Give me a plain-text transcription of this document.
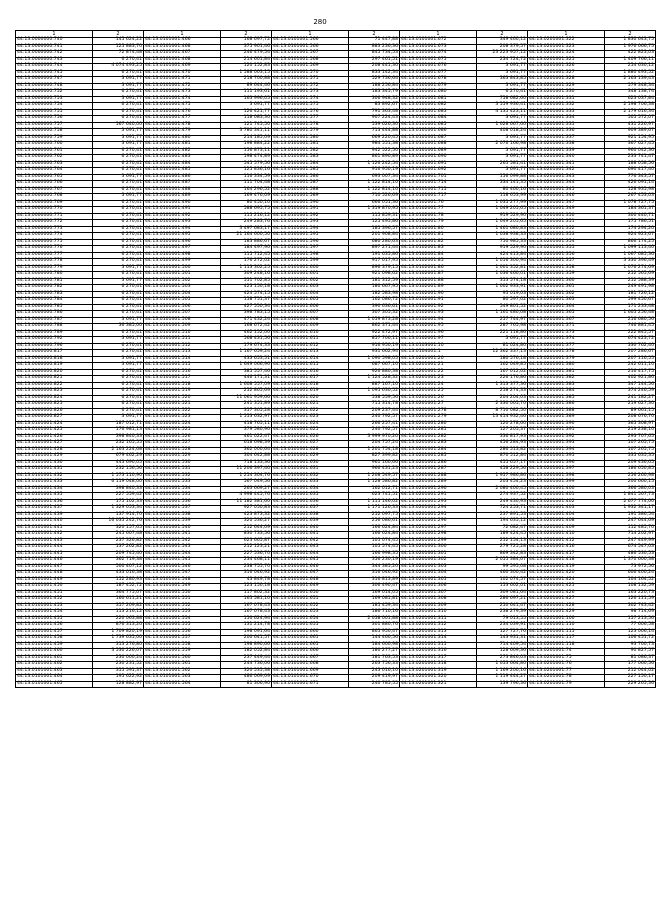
280
1	2	1	2	1	2	1	2	1	2
44:13:0000000:740	145 624,22	44:13:0101001:466	168 697,72	44:13:0101001:566	71 447,88	44:13:0101001:672	349 460,12	44:13:0201001:322	1 830 643,75
44:13:0000000:741	125 883,70	44:13:0101001:468	375 901,46	44:13:0101001:566	883 236,36	44:13:0101001:673	208 379,57	44:13:0201001:323	1 976 066,75
44:13:0000000:742	72 874,48	44:13:0101001:467	246 479,54	44:13:0101001:567	845 734,53	44:13:0101001:674	23 223 957,12	44:13:0201001:324	422 823,03
44:13:0000000:743	6 270,41	44:13:0101001:468	214 601,84	44:13:0101001:568	297 461,51	44:13:0101001:675	234 724,72	44:13:0201001:325	1 409 766,11
44:13:0000000:744	4 074 493,25	44:13:0101001:469	120 152,83	44:13:0101001:569	208 441,30	44:13:0101001:676	3 691,77	44:13:0201001:326	254 630,12
44:13:0000000:745	6 270,41	44:13:0101001:470	1 588 003,15	44:13:0101001:570	833 142,34	44:13:0101001:677	3 691,77	44:13:0201001:327	1 880 493,52
44:13:0000000:747	3 691,77	44:13:0101001:471	218 700,88	44:13:0101001:571	529 736,64	44:13:0101001:678	363 843,85	44:13:0201001:328	2 163 139,43
44:13:0000000:748	3 691,77	44:13:0101001:472	89 644,46	44:13:0101001:572	188 256,84	44:13:0101001:679	3 691,77	44:13:0201001:329	579 348,34
44:13:0000000:752	6 270,41	44:13:0101001:473	111 193,61	44:13:0101001:573	183 345,79	44:13:0101001:680	6 270,41	44:13:0201001:330	348 138,74
44:13:0000000:753	3 691,77	44:13:0101001:474	163 996,05	44:13:0101001:574	306 948,32	44:13:0101001:681	758 682,60	44:13:0201001:331	623 037,84
44:13:0000000:754	6 270,41	44:13:0101001:475	3 691,77	44:13:0101001:575	83 892,67	44:13:0101001:682	3 559 936,41	44:13:0201001:332	2 198 706,38
44:13:0000000:755	6 270,41	44:13:0101001:476	126 421,77	44:13:0101001:576	791 363,48	44:13:0101001:683	4 135 423,11	44:13:0201001:333	2 179 616,34
44:13:0000000:756	6 270,41	44:13:0101001:477	118 083,30	44:13:0101001:577	907 224,43	44:13:0101001:684	3 691,77	44:13:0201001:334	505 572,07
44:13:0000000:757	567 640,00	44:13:0101001:478	121 745,50	44:13:0101001:578	539 626,30	44:13:0101001:685	1 028 667,60	44:13:0201001:335	431 226,97
44:13:0000000:758	3 691,77	44:13:0101001:479	3 780 341,11	44:13:0101001:579	713 444,88	44:13:0101001:686	408 018,24	44:13:0201001:336	909 389,67
44:13:0000000:759	3 691,77	44:13:0101001:480	214 185,09	44:13:0101001:580	669 220,45	44:13:0101001:687	3 691,77	44:13:0201001:337	921 154,95
44:13:0000000:760	3 691,77	44:13:0101001:481	198 884,22	44:13:0101001:581	984 551,38	44:13:0101001:688	2 076 166,98	44:13:0201001:338	367 627,45
44:13:0000000:761	6 270,41	44:13:0101001:482	156 873,11	44:13:0101001:582	942 522,50	44:13:0101001:689	3 691,77	44:13:0201001:339	960 042,36
44:13:0000000:762	6 270,41	44:13:0101001:483	198 474,89	44:13:0101001:583	861 890,89	44:13:0101001:690	3 691,77	44:13:0201001:340	233 741,47
44:13:0000000:763	6 270,41	44:13:0101001:484	545 579,56	44:13:0101001:584	1 126 242,54	44:13:0101001:691	265 581,41	44:13:0201001:341	188 058,56
44:13:0000000:764	6 270,41	44:13:0101001:485	125 836,16	44:13:0101001:585	916 950,19	44:13:0101001:692	3 691,77	44:13:0201001:342	690 417,40
44:13:0000000:765	3 691,77	44:13:0101001:486	116 334,59	44:13:0101001:586	693 007,34	44:13:0101001:701	156 099,88	44:13:0201001:343	776 343,57
44:13:0000000:766	6 270,41	44:13:0101001:487	111 704,48	44:13:0101001:587	1 122 814,10	44:13:0101001:714	334 141,35	44:13:0201001:344	426 091,14
44:13:0000000:767	6 270,41	44:13:0101001:488	164 296,52	44:13:0101001:588	1 122 814,10	44:13:0101001:715	80 460,16	44:13:0201001:345	128 935,98
44:13:0000000:768	3 691,77	44:13:0101001:489	169 476,09	44:13:0101001:589	710 526,69	44:13:0101001:717	118 653,99	44:13:0201001:346	267 453,03
44:13:0000000:769	6 270,41	44:13:0101001:490	80 450,10	44:13:0101001:590	666 051,36	44:13:0102001:76	1 035 277,99	44:13:0201001:347	1 078 727,75
44:13:0000000:770	6 270,41	44:13:0101001:491	588 695,75	44:13:0101001:591	1 319 870,95	44:13:0102001:77	1 049 205,65	44:13:0201001:349	184 361,37
44:13:0000000:771	6 270,41	44:13:0101001:492	115 216,12	44:13:0101001:592	115 859,31	44:13:0102001:78	919 529,90	44:13:0201001:350	300 440,71
44:13:0000000:772	6 270,41	44:13:0101001:493	249 283,76	44:13:0101001:593	125 495,86	44:13:0102001:79	1 049 205,65	44:13:0201001:351	175 786,51
44:13:0000000:773	6 270,41	44:13:0101001:494	3 497 683,17	44:13:0101001:594	185 396,57	44:13:0102001:80	1 461 680,83	44:13:0201001:352	174 294,20
44:13:0000000:774	6 270,41	44:13:0101001:495	21 164 600,50	44:13:0101001:595	201 908,84	44:13:0102001:81	1 038 938,33	44:13:0201001:353	924 923,67
44:13:0000000:775	6 270,41	44:13:0101001:496	183 886,67	44:13:0101001:596	680 280,63	44:13:0102001:82	750 985,33	44:13:0201001:354	866 174,25
44:13:0000000:776	6 270,41	44:13:0101001:497	184 497,90	44:13:0101001:597	897 271,44	44:13:0102001:83	919 529,90	44:13:0201001:355	1 099 113,40
44:13:0000000:777	6 270,41	44:13:0101001:498	115 712,45	44:13:0101001:598	191 635,86	44:13:0102001:84	424 413,84	44:13:0201001:356	1 067 685,36
44:13:0000000:778	6 270,41	44:13:0101001:499	176 272,02	44:13:0101001:599	917 017,95	44:13:0102001:85	1 016 300,94	44:13:0201001:357	3 330 396,49
44:13:0000000:779	3 691,77	44:13:0101001:500	1 113 302,25	44:13:0101001:600	896 379,15	44:13:0102001:86	1 001 352,81	44:13:0201001:358	1 076 274,69
44:13:0000000:780	6 270,41	44:13:0101001:501	309 248,16	44:13:0101001:601	921 098,62	44:13:0102001:87	1 036 460,01	44:13:0201001:359	252 565,69
44:13:0000000:781	3 691,77	44:13:0101001:502	551 702,85	44:13:0101001:602	181 312,59	44:13:0102001:88	353 574,18	44:13:0201001:360	252 588,39
44:13:0000000:782	6 270,41	44:13:0101001:503	423 150,18	44:13:0101001:603	180 667,95	44:13:0102001:89	1 002 933,91	44:13:0201001:361	249 491,98
44:13:0000000:783	6 270,41	44:13:0101001:504	424 574,15	44:13:0101001:604	182 583,98	44:13:0102001:90	95 019,03	44:13:0201001:362	181 726,12
44:13:0000000:784	6 270,41	44:13:0101001:505	158 751,37	44:13:0101001:605	162 086,72	44:13:0102001:91	80 597,02	44:13:0201001:363	599 450,67
44:13:0000000:785	6 270,41	44:13:0101001:506	427 550,34	44:13:0101001:606	390 636,61	44:13:0102001:92	549 801,52	44:13:0201001:364	171 233,48
44:13:0000000:786	6 270,41	44:13:0101001:507	398 783,15	44:13:0101001:607	307 305,32	44:13:0102001:93	1 161 480,08	44:13:0201001:365	1 605 256,48
44:13:0000000:787	3 691,77	44:13:0101001:508	471 432,24	44:13:0101001:608	1 059 873,28	44:13:0102001:94	257 744,97	44:13:0201001:367	216 680,56
44:13:0000000:788	36 385,00	44:13:0101001:509	168 672,42	44:13:0101001:609	862 371,44	44:13:0102001:95	287 765,98	44:13:0201001:371	746 881,45
44:13:0000000:789	6 270,41	44:13:0101001:510	462 152,00	44:13:0101001:610	922 472,97	44:13:0102001:96	221 118,86	44:13:0201001:373	222 845,57
44:13:0000000:792	3 691,77	44:13:0101001:511	568 431,56	44:13:0101001:611	857 700,11	44:13:0102001:97	3 691,77	44:13:0201001:374	674 423,72
44:13:0000000:796	6 270,41	44:13:0101001:512	179 674,33	44:13:0101001:612	916 950,19	44:13:0103001:10	81 024,80	44:13:0201001:377	330 762,40
44:13:0000000:817	6 270,41	44:13:0101001:513	1 167 659,24	44:13:0101001:613	931 662,94	44:13:0104001:1	12 362 337,13	44:13:0201001:378	207 286,67
44:13:0000000:818	3 691,77	44:13:0101001:514	433 653,51	44:13:0101001:614	1 090 598,05	44:13:0201001:20	180 576,18	44:13:0201001:379	207 116,55
44:13:0000000:819	3 691,77	44:13:0101001:515	1 649 066,96	44:13:0101001:615	687 667,10	44:13:0201001:21	162 049,85	44:13:0201001:380	242 611,10
44:13:0000000:820	6 270,41	44:13:0101001:516	385 557,46	44:13:0101001:616	926 880,38	44:13:0201001:22	167 012,02	44:13:0201001:381	216 417,75
44:13:0000000:821	6 270,41	44:13:0101001:517	446 171,31	44:13:0101001:617	1 124 528,32	44:13:0201001:23	226 176,86	44:13:0201001:382	402 921,86
44:13:0000000:822	6 270,41	44:13:0101001:518	1 608 557,09	44:13:0101001:618	887 167,10	44:13:0201001:24	1 313 377,36	44:13:0201001:383	347 144,56
44:13:0000000:823	6 270,41	44:13:0101001:519	252 865,69	44:13:0101001:619	1 095 630,52	44:13:0201001:25	258 274,33	44:13:0201001:384	374 246,59
44:13:0000000:824	6 270,41	44:13:0101001:520	11 061 959,66	44:13:0101001:620	538 559,56	44:13:0201001:26	204 204,03	44:13:0201001:385	241 182,27
44:13:0000000:825	6 270,41	44:13:0101001:521	241 351,89	44:13:0101001:621	715 314,78	44:13:0201001:27	2 330 005,70	44:13:0201001:386	219 627,30
44:13:0000000:826	6 270,41	44:13:0101001:522	357 305,28	44:13:0101001:622	209 237,44	44:13:0201001:278	8 710 082,50	44:13:0201001:388	89 661,15
44:13:0000000:827	3 691,77	44:13:0101001:523	1 553 632,97	44:13:0101001:623	240 792,57	44:13:0201001:279	13 414 932,46	44:13:0201001:389	208 676,70
44:13:0101001:424	187 012,71	44:13:0101001:524	418 765,11	44:13:0101001:624	266 257,41	44:13:0201001:280	120 278,60	44:13:0201001:390	365 308,97
44:13:0101001:425	176 981,13	44:13:0101001:525	379 580,90	44:13:0101001:625	240 792,57	44:13:0201001:281	127 205,37	44:13:0201001:391	219 238,10
44:13:0101001:426	398 840,33	44:13:0101001:526	461 022,47	44:13:0101001:626	3 999 970,20	44:13:0201001:282	336 817,93	44:13:0201001:392	293 707,65
44:13:0101001:427	232 165,55	44:13:0101001:527	618 698,39	44:13:0101001:627	204 757,24	44:13:0201001:283	456 284,93	44:13:0201001:393	107 265,75
44:13:0101001:428	2 163 224,68	44:13:0101001:528	362 000,64	44:13:0101001:628	1 201 754,18	44:13:0201001:284	286 513,82	44:13:0201001:394	107 265,75
44:13:0101001:429	679 462,29	44:13:0101001:529	304 642,88	44:13:0101001:629	827 399,82	44:13:0201001:285	870 512,84	44:13:0201001:395	335 635,35
44:13:0101001:430	443 690,05	44:13:0101001:530	718 133,36	44:13:0101001:630	961 160,66	44:13:0201001:286	455 657,17	44:13:0201001:396	209 436,65
44:13:0101001:431	232 156,56	44:13:0101001:531	11 206 397,40	44:13:0101001:631	966 431,23	44:13:0201001:287	458 229,56	44:13:0201001:397	186 650,85
44:13:0101001:432	1 573 110,90	44:13:0101001:532	1 254 304,76	44:13:0101001:632	1 208 549,57	44:13:0201001:288	1 957 986,86	44:13:0201001:398	256 260,98
44:13:0101001:433	6 119 048,00	44:13:0101001:533	567 049,56	44:13:0101001:633	1 128 586,82	44:13:0201001:289	203 454,23	44:13:0201001:399	200 660,15
44:13:0101001:434	398 840,33	44:13:0101001:534	263 669,27	44:13:0101001:634	162 012,71	44:13:0201001:290	2 080 400,45	44:13:0201001:400	366 580,03
44:13:0101001:435	227 559,42	44:13:0101001:535	4 998 445,76	44:13:0101001:635	623 741,51	44:13:0201001:291	274 937,52	44:13:0201001:401	1 841 507,73
44:13:0101001:436	175 102,33	44:13:0101001:536	11 182 381,60	44:13:0101001:636	1 115 146,02	44:13:0201001:293	249 430,93	44:13:0201001:402	2 677 774,00
44:13:0101001:437	1 329 053,34	44:13:0101001:537	927 050,83	44:13:0101001:637	1 171 126,33	44:13:0201001:294	724 253,71	44:13:0201001:403	1 932 341,17
44:13:0101001:439	137 914,70	44:13:0101001:538	423 873,32	44:13:0101001:638	252 097,75	44:13:0201001:295	237 891,53	44:13:0201001:404	191 386,54
44:13:0101001:440	16 035 242,76	44:13:0101001:539	320 536,27	44:13:0101001:639	256 086,61	44:13:0201001:296	194 635,12	44:13:0201001:408	247 644,69
44:13:0101001:441	320 157,65	44:13:0101001:540	212 644,09	44:13:0101001:640	166 624,84	44:13:0201001:297	72 682,47	44:13:0201001:409	112 485,70
44:13:0101001:442	245 607,48	44:13:0101001:541	830 733,56	44:13:0101001:641	166 624,84	44:13:0201001:298	189 424,45	44:13:0201001:410	714 202,97
44:13:0101001:443	237 326,82	44:13:0101001:542	623 665,87	44:13:0101001:642	105 074,45	44:13:0201001:299	252 154,13	44:13:0201001:412	247 449,99
44:13:0101001:444	137 262,82	44:13:0101001:543	212 123,21	44:13:0101001:643	105 574,45	44:13:0201001:300	279 725,28	44:13:0201001:416	674 547,03
44:13:0101001:445	209 745,40	44:13:0101001:544	227 536,70	44:13:0101001:644	166 998,35	44:13:0201001:301	869 342,83	44:13:0201001:417	486 530,53
44:13:0101001:446	362 719,38	44:13:0101001:545	234 468,11	44:13:0101001:645	356 230,19	44:13:0201001:302	2 055 384,07	44:13:0201001:418	1 370 600,38
44:13:0101001:447	500 407,12	44:13:0101001:546	238 755,70	44:13:0101001:646	344 385,20	44:13:0201001:303	99 595,08	44:13:0201001:419	73 972,56
44:13:0101001:448	433 016,38	44:13:0101001:547	316 046,92	44:13:0101001:647	316 046,92	44:13:0201001:304	460 300,42	44:13:0201001:420	606 400,24
44:13:0101001:449	152 280,93	44:13:0101001:548	43 849,78	44:13:0101001:648	316 813,89	44:13:0201001:305	102 074,57	44:13:0201001:424	104 164,52
44:13:0101001:450	187 452,72	44:13:0101001:549	123 150,18	44:13:0101001:649	306 490,47	44:13:0201001:306	153 602,01	44:13:0201001:425	108 132,59
44:13:0101001:451	364 775,07	44:13:0101001:550	117 802,32	44:13:0101001:650	169 014,05	44:13:0201001:307	309 081,64	44:13:0201001:426	163 220,73
44:13:0101001:452	160 611,21	44:13:0101001:551	165 581,10	44:13:0101001:651	169 081,81	44:13:0201001:308	286 697,21	44:13:0201001:427	126 111,59
44:13:0101001:453	357 209,82	44:13:0101001:552	167 078,43	44:13:0101001:652	185 459,34	44:13:0201001:309	250 641,47	44:13:0201001:428	302 743,42
44:13:0101001:454	113 216,12	44:13:0101001:553	167 078,43	44:13:0101001:653	186 710,16	44:13:0201001:310	238 279,39	44:13:0201001:429	98 714,69
44:13:0101001:455	220 063,88	44:13:0101001:554	150 624,94	44:13:0101001:654	2 058 001,88	44:13:0201001:311	79 013,55	44:13:0201001:100	157 213,56
44:13:0101001:456	876 313,20	44:13:0101001:555	131 214,78	44:13:0101001:655	301 880,76	44:13:0201001:312	234 039,91	44:13:0201001:110	77 606,58
44:13:0101001:457	1 709 820,19	44:13:0101001:556	198 091,64	44:13:0101001:660	865 950,47	44:13:0201001:313	127 727,76	44:13:0201001:115	123 006,14
44:13:0101001:458	1 739 635,00	44:13:0101001:557	200 641,57	44:13:0101001:661	144 460,56	44:13:0201001:314	143 931,31	44:13:0201001:117	106 451,72
44:13:0101001:459	313 276,80	44:13:0101001:558	198 890,66	44:13:0101001:665	184 600,98	44:13:0201001:315	714 409,54	44:13:0201001:118	93 700,73
44:13:0101001:460	3 530 226,07	44:13:0101001:559	182 052,84	44:13:0101001:666	180 277,27	44:13:0201001:316	128 609,36	44:13:0201001:74	90 827,57
44:13:0101001:461	230 000,24	44:13:0101001:560	237 449,44	44:13:0101001:667	181 763,53	44:13:0201001:317	273 846,03	44:13:0201001:75	81 086,37
44:13:0101001:462	230 231,52	44:13:0101001:561	244 736,06	44:13:0101001:668	263 756,33	44:13:0201001:318	1 053 664,80	44:13:0201001:76	177 060,56
44:13:0101001:463	355 591,37	44:13:0101001:562	320 535,38	44:13:0101001:669	243 016,10	44:13:0201001:319	1 169 200,16	44:13:0201001:77	212 044,02
44:13:0101001:464	195 622,92	44:13:0101001:563	486 069,09	44:13:0101001:670	209 419,97	44:13:0201001:320	1 119 444,27	44:13:0201001:78	227 150,17
44:13:0101001:465	128 882,97	44:13:0101001:564	81 306,90	44:13:0101001:671	240 785,55	44:13:0201001:321	139 796,36	44:13:0201001:79	229 265,36
